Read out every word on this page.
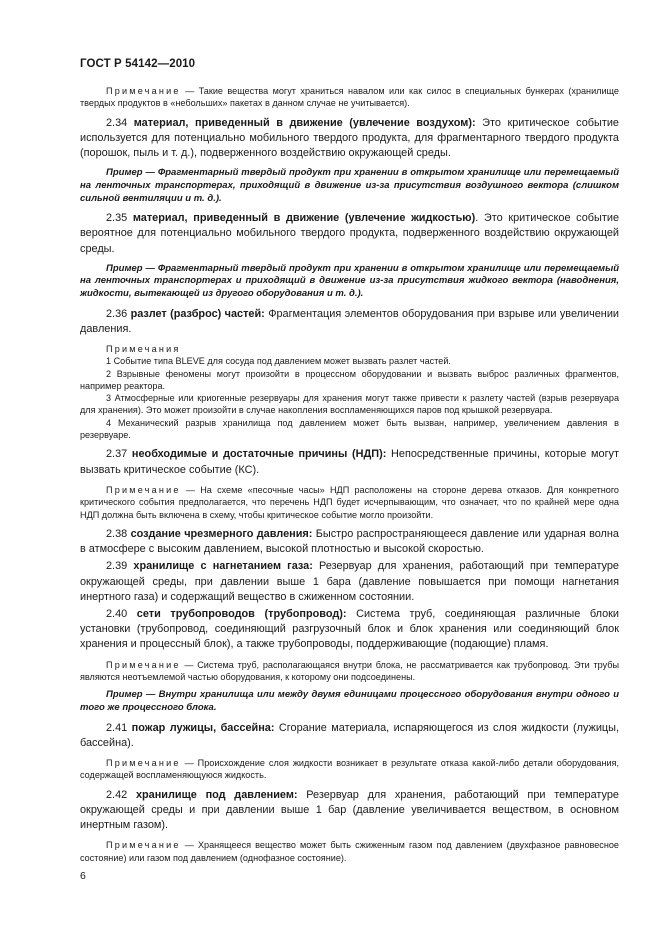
ГОСТ Р 54142—2010
Примечание — Такие вещества могут храниться навалом или как силос в специальных бункерах (хранилище твердых продуктов в «небольших» пакетах в данном случае не учитывается).
2.34 материал, приведенный в движение (увлечение воздухом): Это критическое событие используется для потенциально мобильного твердого продукта, для фрагментарного твердого продукта (порошок, пыль и т. д.), подверженного воздействию окружающей среды.
Пример — Фрагментарный твердый продукт при хранении в открытом хранилище или перемещаемый на ленточных транспортерах, приходящий в движение из-за присутствия воздушного вектора (слишком сильной вентиляции и т. д.).
2.35 материал, приведенный в движение (увлечение жидкостью). Это критическое событие вероятное для потенциально мобильного твердого продукта, подверженного воздействию окружающей среды.
Пример — Фрагментарный твердый продукт при хранении в открытом хранилище или перемещаемый на ленточных транспортерах и приходящий в движение из-за присутствия жидкого вектора (наводнения, жидкости, вытекающей из другого оборудования и т. д.).
2.36 разлет (разброс) частей: Фрагментация элементов оборудования при взрыве или увеличении давления.
Примечания
1 Событие типа BLEVE для сосуда под давлением может вызвать разлет частей.
2 Взрывные феномены могут произойти в процессном оборудовании и вызвать выброс различных фрагментов, например реактора.
3 Атмосферные или криогенные резервуары для хранения могут также привести к разлету частей (взрыв резервуара для хранения). Это может произойти в случае накопления воспламеняющихся паров под крышкой резервуара.
4 Механический разрыв хранилища под давлением может быть вызван, например, увеличением давления в резервуаре.
2.37 необходимые и достаточные причины (НДП): Непосредственные причины, которые могут вызвать критическое событие (КС).
Примечание — На схеме «песочные часы» НДП расположены на стороне дерева отказов. Для конкретного критического события предполагается, что перечень НДП будет исчерпывающим, что означает, что по крайней мере одна НДП должна быть включена в схему, чтобы критическое событие могло произойти.
2.38 создание чрезмерного давления: Быстро распространяющееся давление или ударная волна в атмосфере с высоким давлением, высокой плотностью и высокой скоростью.
2.39 хранилище с нагнетанием газа: Резервуар для хранения, работающий при температуре окружающей среды, при давлении выше 1 бара (давление повышается при помощи нагнетания инертного газа) и содержащий вещество в сжиженном состоянии.
2.40 сети трубопроводов (трубопровод): Система труб, соединяющая различные блоки установки (трубопровод, соединяющий разгрузочный блок и блок хранения или соединяющий блок хранения и процессный блок), а также трубопроводы, поддерживающие (подающие) пламя.
Примечание — Система труб, располагающаяся внутри блока, не рассматривается как трубопровод. Эти трубы являются неотъемлемой частью оборудования, к которому они подсоединены.
Пример — Внутри хранилища или между двумя единицами процессного оборудования внутри одного и того же процессного блока.
2.41 пожар лужицы, бассейна: Сгорание материала, испаряющегося из слоя жидкости (лужицы, бассейна).
Примечание — Происхождение слоя жидкости возникает в результате отказа какой-либо детали оборудования, содержащей воспламеняющуюся жидкость.
2.42 хранилище под давлением: Резервуар для хранения, работающий при температуре окружающей среды и при давлении выше 1 бар (давление увеличивается веществом, в основном инертным газом).
Примечание — Хранящееся вещество может быть сжиженным газом под давлением (двухфазное равновесное состояние) или газом под давлением (однофазное состояние).
6
